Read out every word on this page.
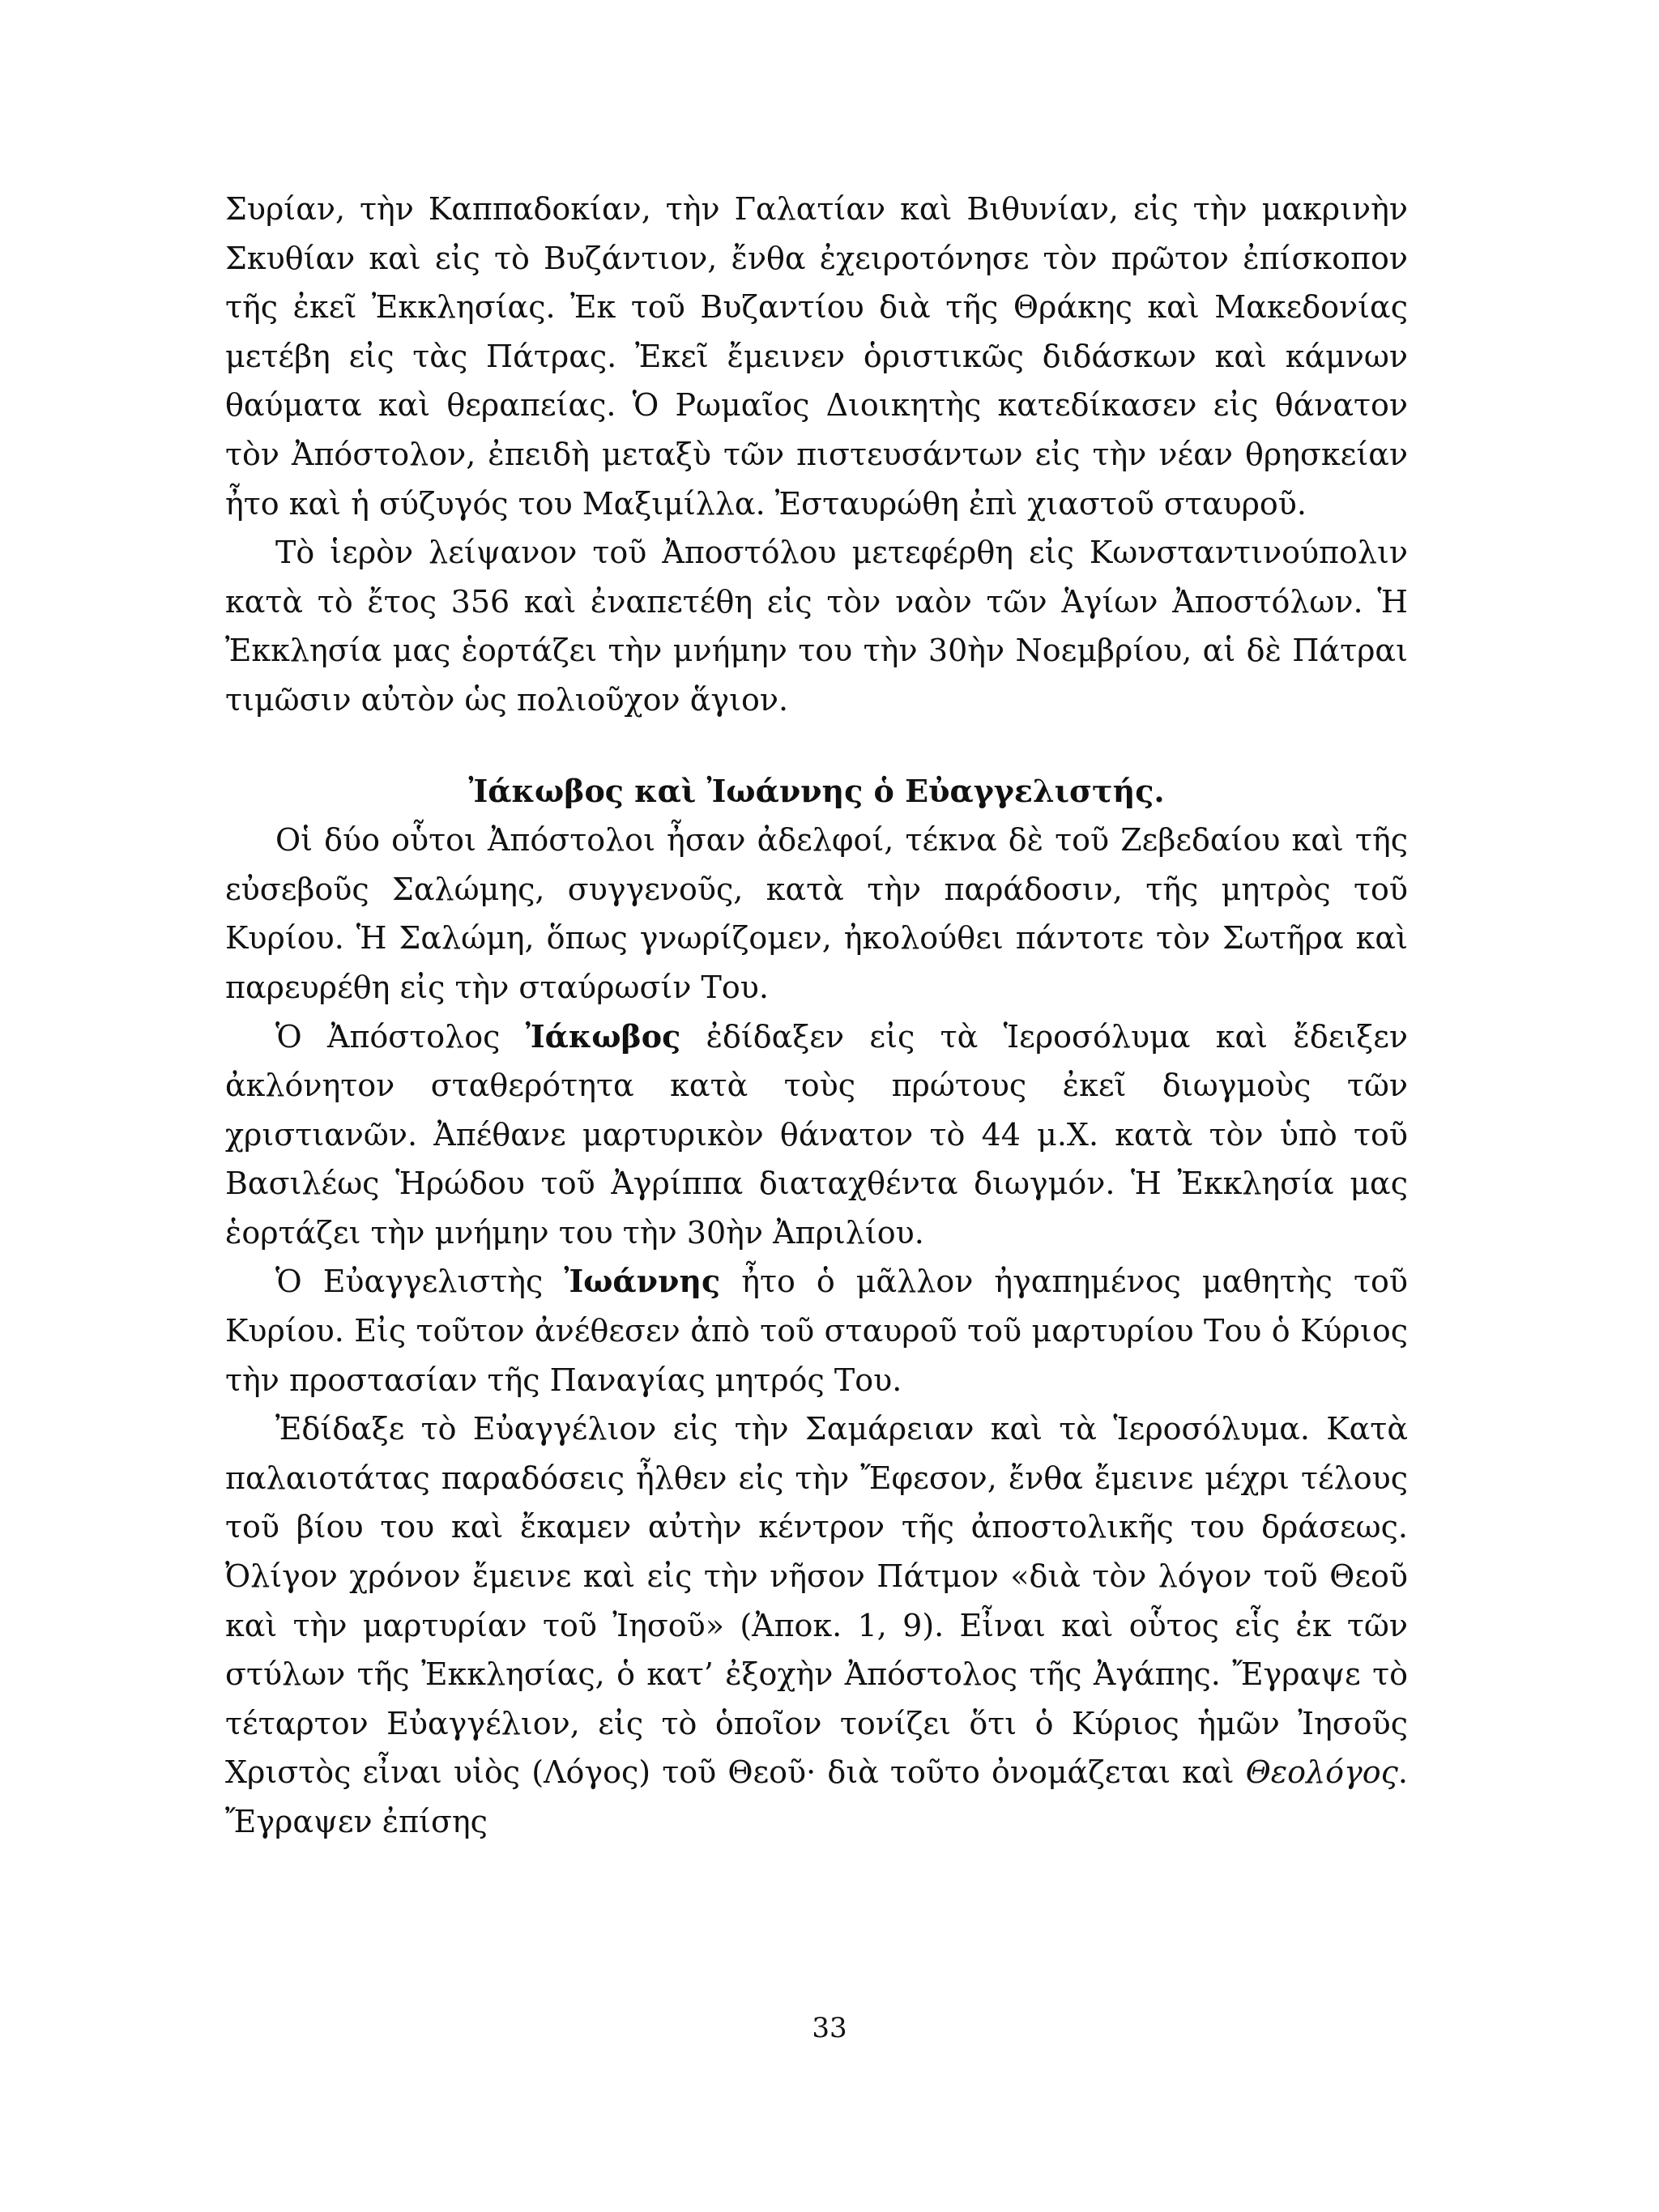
Συρίαν, τὴν Καππαδοκίαν, τὴν Γαλατίαν καὶ Βιθυνίαν, εἰς τὴν μακρινὴν Σκυθίαν καὶ εἰς τὸ Βυζάντιον, ἔνθα ἐχειροτόνησε τὸν πρῶτον ἐπίσκοπον τῆς ἐκεῖ Ἐκκλησίας. Ἐκ τοῦ Βυζαντίου διὰ τῆς Θράκης καὶ Μακεδονίας μετέβη εἰς τὰς Πάτρας. Ἐκεῖ ἔμεινεν ὁριστικῶς διδάσκων καὶ κάμνων θαύματα καὶ θεραπείας. Ὁ Ρωμαῖος Διοικητὴς κατεδίκασεν εἰς θάνατον τὸν Ἀπόστολον, ἐπειδὴ μεταξὺ τῶν πιστευσάντων εἰς τὴν νέαν θρησκείαν ἦτο καὶ ἡ σύζυγός του Μαξιμίλλα. Ἐσταυρώθη ἐπὶ χιαστοῦ σταυροῦ.

Τὸ ἱερὸν λείψανον τοῦ Ἀποστόλου μετεφέρθη εἰς Κωνσταντινούπολιν κατὰ τὸ ἔτος 356 καὶ ἐναπετέθη εἰς τὸν ναὸν τῶν Ἁγίων Ἀποστόλων. Ἡ Ἐκκλησία μας ἑορτάζει τὴν μνήμην του τὴν 30ὴν Νοεμβρίου, αἱ δὲ Πάτραι τιμῶσιν αὐτὸν ὡς πολιοῦχον ἅγιον.

Ἰάκωβος καὶ Ἰωάννης ὁ Εὐαγγελιστής.

Οἱ δύο οὗτοι Ἀπόστολοι ἦσαν ἀδελφοί, τέκνα δὲ τοῦ Ζεβεδαίου καὶ τῆς εὐσεβοῦς Σαλώμης, συγγενοῦς, κατὰ τὴν παράδοσιν, τῆς μητρὸς τοῦ Κυρίου. Ἡ Σαλώμη, ὅπως γνωρίζομεν, ἠκολούθει πάντοτε τὸν Σωτῆρα καὶ παρευρέθη εἰς τὴν σταύρωσίν Του.

Ὁ Ἀπόστολος Ἰάκωβος ἐδίδαξεν εἰς τὰ Ἱεροσόλυμα καὶ ἔδειξεν ἀκλόνητον σταθερότητα κατὰ τοὺς πρώτους ἐκεῖ διωγμοὺς τῶν χριστιανῶν. Ἀπέθανε μαρτυρικὸν θάνατον τὸ 44 μ.Χ. κατὰ τὸν ὑπὸ τοῦ Βασιλέως Ἡρώδου τοῦ Ἀγρίππα διαταχθέντα διωγμόν. Ἡ Ἐκκλησία μας ἑορτάζει τὴν μνήμην του τὴν 30ὴν Ἀπριλίου.

Ὁ Εὐαγγελιστὴς Ἰωάννης ἦτο ὁ μᾶλλον ἠγαπημένος μαθητὴς τοῦ Κυρίου. Εἰς τοῦτον ἀνέθεσεν ἀπὸ τοῦ σταυροῦ τοῦ μαρτυρίου Του ὁ Κύριος τὴν προστασίαν τῆς Παναγίας μητρός Του.

Ἐδίδαξε τὸ Εὐαγγέλιον εἰς τὴν Σαμάρειαν καὶ τὰ Ἱεροσόλυμα. Κατὰ παλαιοτάτας παραδόσεις ἦλθεν εἰς τὴν Ἔφεσον, ἔνθα ἔμεινε μέχρι τέλους τοῦ βίου του καὶ ἔκαμεν αὐτὴν κέντρον τῆς ἀποστολικῆς του δράσεως. Ὀλίγον χρόνον ἔμεινε καὶ εἰς τὴν νῆσον Πάτμον «διὰ τὸν λόγον τοῦ Θεοῦ καὶ τὴν μαρτυρίαν τοῦ Ἰησοῦ» (Ἀποκ. 1, 9). Εἶναι καὶ οὗτος εἷς ἐκ τῶν στύλων τῆς Ἐκκλησίας, ὁ κατ’ ἐξοχὴν Ἀπόστολος τῆς Ἀγάπης. Ἔγραψε τὸ τέταρτον Εὐαγγέλιον, εἰς τὸ ὁποῖον τονίζει ὅτι ὁ Κύριος ἡμῶν Ἰησοῦς Χριστὸς εἶναι υἱὸς (Λόγος) τοῦ Θεοῦ· διὰ τοῦτο ὀνομάζεται καὶ Θεολόγος. Ἔγραψεν ἐπίσης

33
